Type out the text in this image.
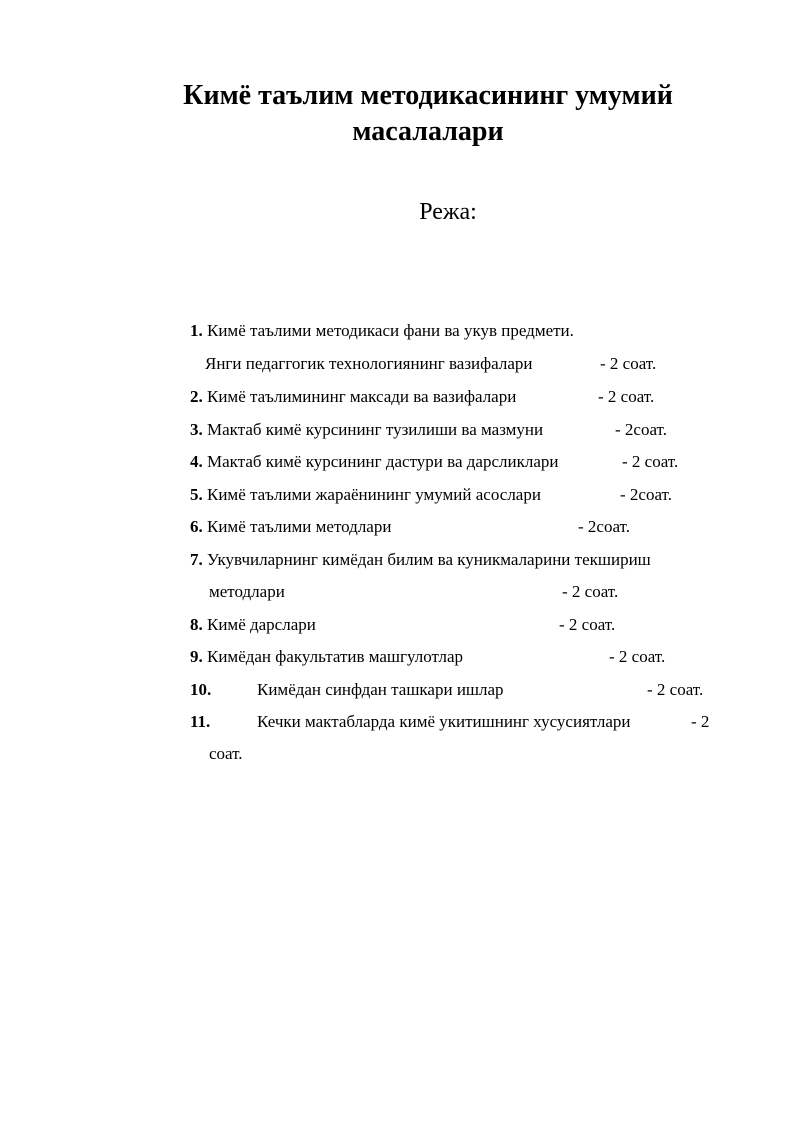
Кимё таълим методикасининг умумий
масалалари
Режа:
1. Кимё таълими методикаси фани ва укув предмети.
Янги педаггогик технологиянинг вазифалари	- 2 соат.
2. Кимё таълимининг максади ва вазифалари	- 2 соат.
3. Мактаб кимё курсининг тузилиши ва мазмуни	- 2соат.
4. Мактаб кимё курсининг дастури ва дарсликлари	- 2 соат.
5. Кимё таълими жараёнининг умумий асослари	- 2соат.
6. Кимё таълими методлари	- 2соат.
7. Укувчиларнинг кимёдан билим ва куникмаларини текшириш
методлари	- 2 соат.
8. Кимё дарслари	- 2 соат.
9. Кимёдан факультатив машгулотлар	- 2 соат.
10.	Кимёдан синфдан ташкари ишлар	- 2 соат.
11.	Кечки мактабларда кимё укитишнинг хусусиятлари	- 2
соат.
